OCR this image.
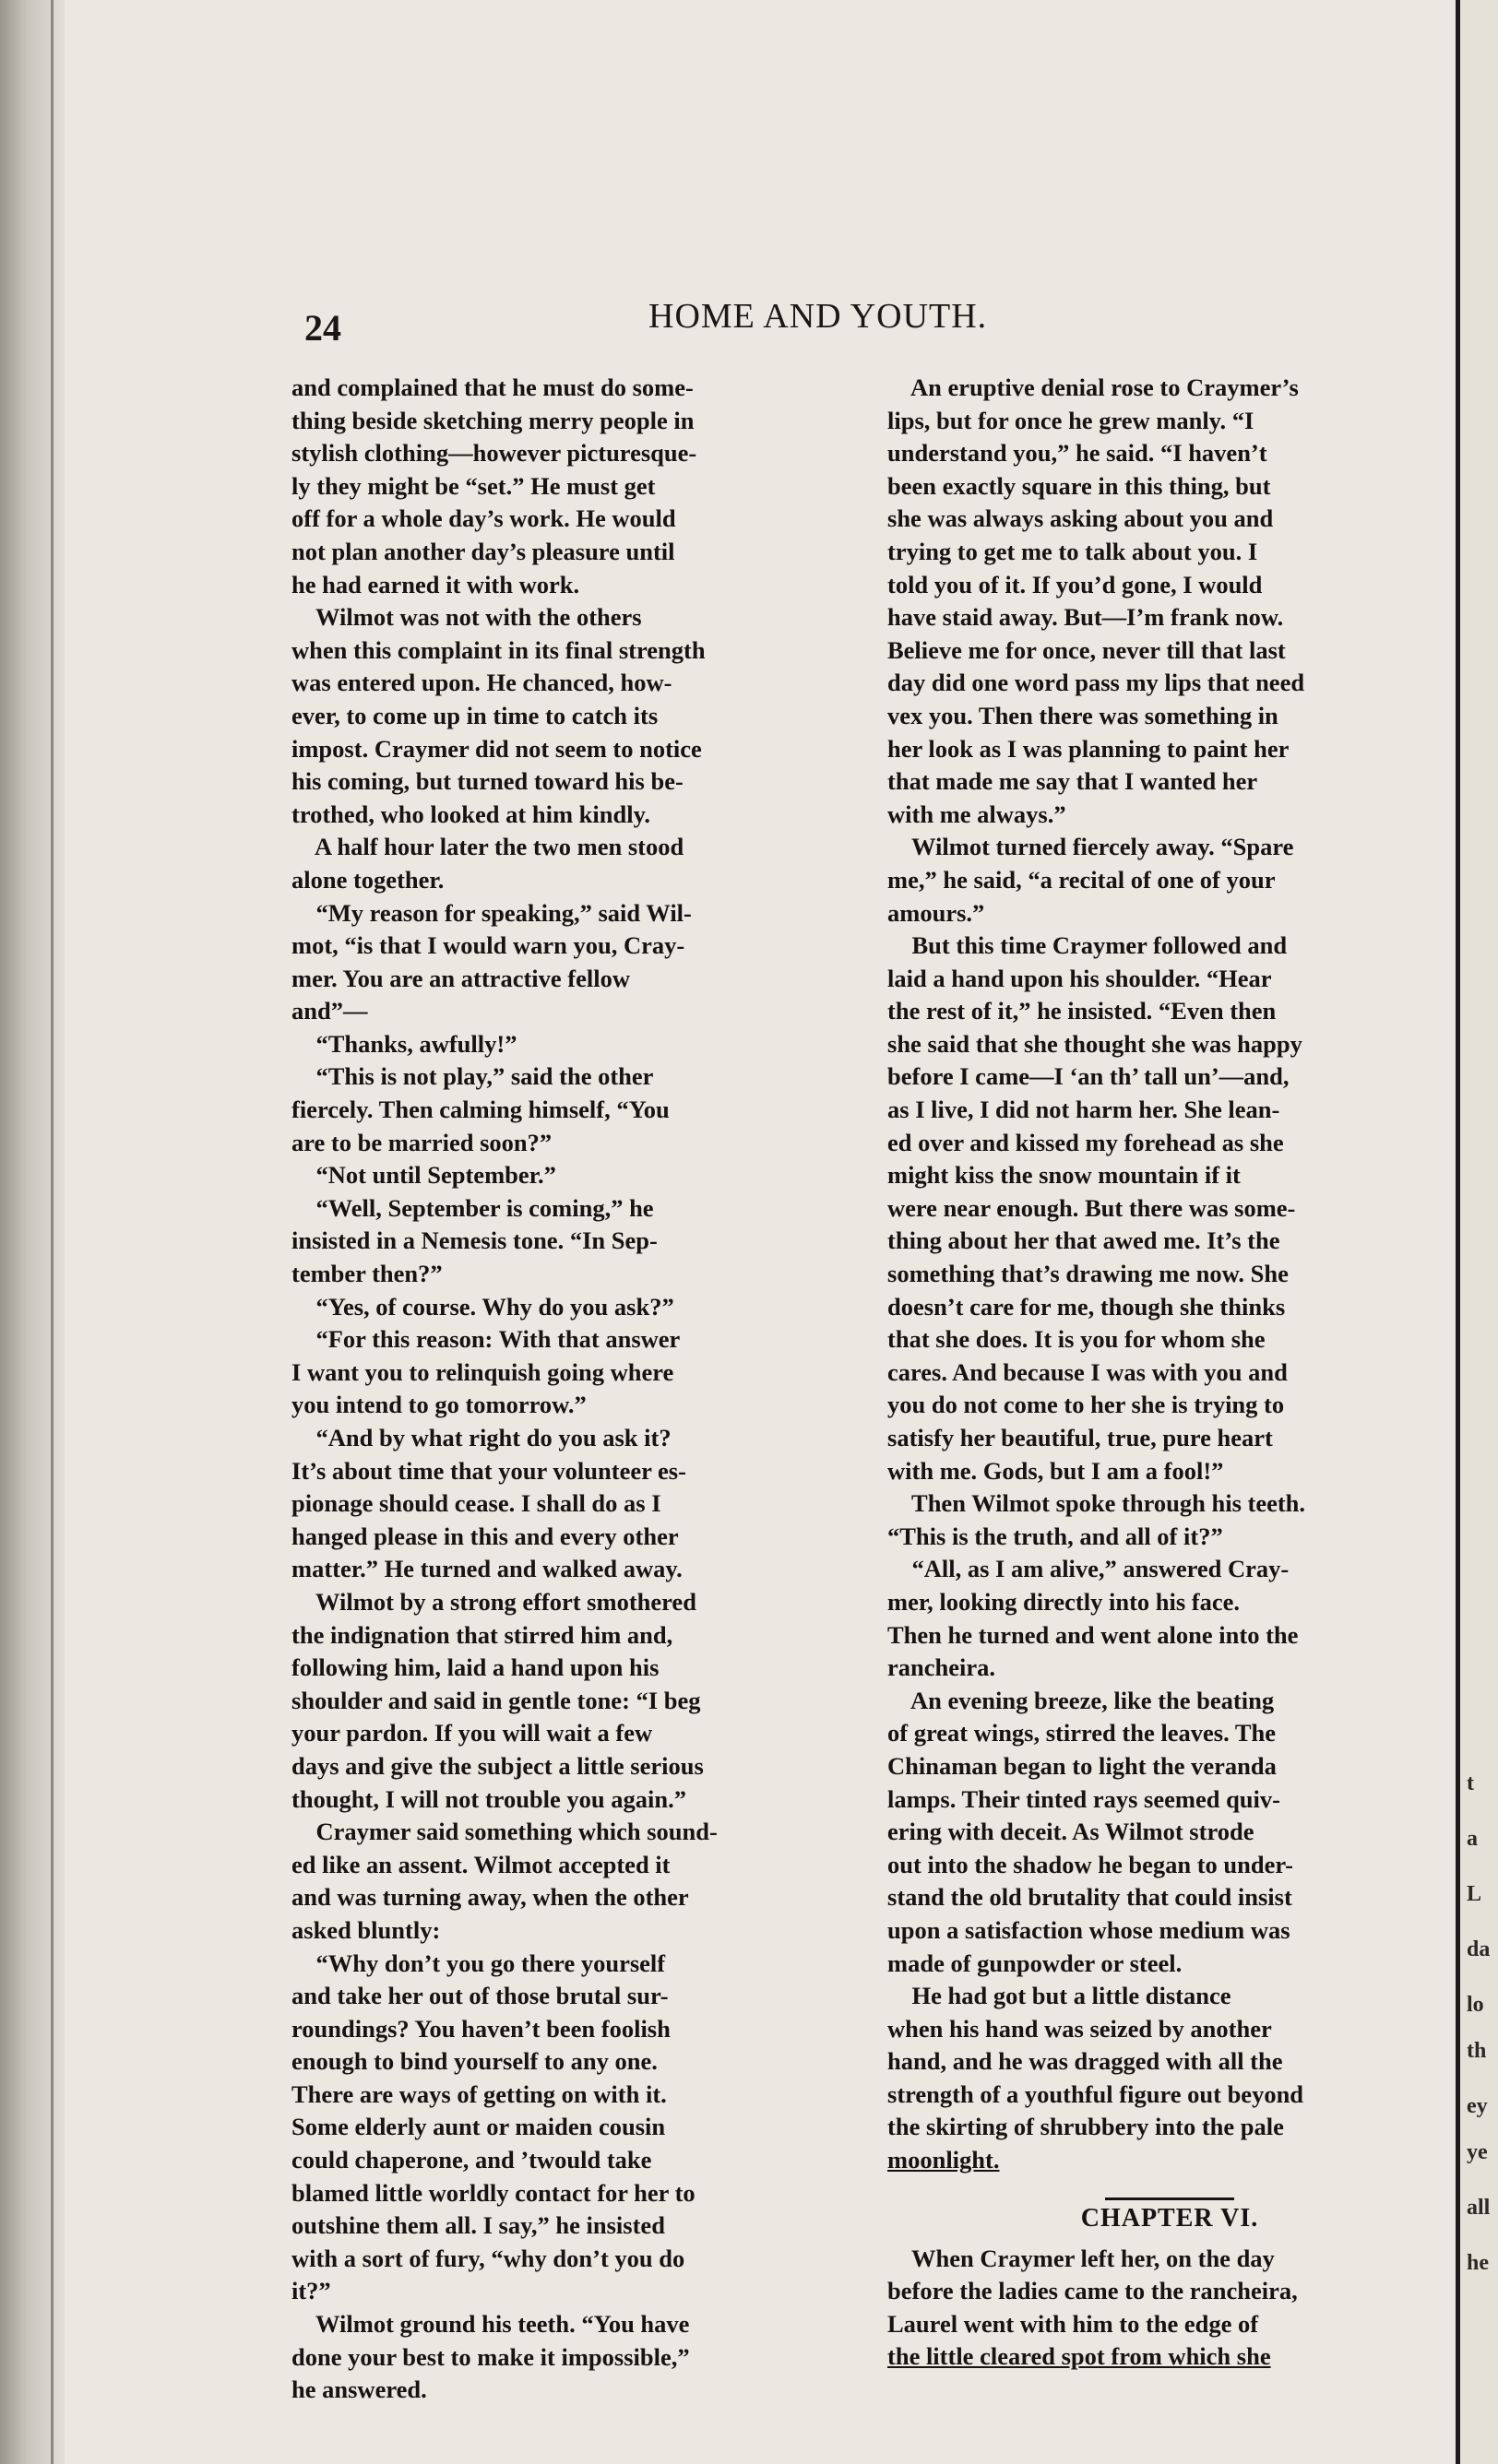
t
a
L
da
lo
th
ey
ye
all
he
24	HOME AND YOUTH.
and complained that he must do some-
thing beside sketching merry people in
stylish clothing—however picturesque-
ly they might be “set.” He must get
off for a whole day’s work. He would
not plan another day’s pleasure until
he had earned it with work.
Wilmot was not with the others
when this complaint in its final strength
was entered upon. He chanced, how-
ever, to come up in time to catch its
impost. Craymer did not seem to notice
his coming, but turned toward his be-
trothed, who looked at him kindly.
A half hour later the two men stood
alone together.
“My reason for speaking,” said Wil-
mot, “is that I would warn you, Cray-
mer. You are an attractive fellow
and”—
“Thanks, awfully!”
“This is not play,” said the other
fiercely. Then calming himself, “You
are to be married soon?”
“Not until September.”
“Well, September is coming,” he
insisted in a Nemesis tone. “In Sep-
tember then?”
“Yes, of course. Why do you ask?”
“For this reason: With that answer
I want you to relinquish going where
you intend to go tomorrow.”
“And by what right do you ask it?
It’s about time that your volunteer es-
pionage should cease. I shall do as I
hanged please in this and every other
matter.” He turned and walked away.
Wilmot by a strong effort smothered
the indignation that stirred him and,
following him, laid a hand upon his
shoulder and said in gentle tone: “I beg
your pardon. If you will wait a few
days and give the subject a little serious
thought, I will not trouble you again.”
Craymer said something which sound-
ed like an assent. Wilmot accepted it
and was turning away, when the other
asked bluntly:
“Why don’t you go there yourself
and take her out of those brutal sur-
roundings? You haven’t been foolish
enough to bind yourself to any one.
There are ways of getting on with it.
Some elderly aunt or maiden cousin
could chaperone, and ’twould take
blamed little worldly contact for her to
outshine them all. I say,” he insisted
with a sort of fury, “why don’t you do
it?”
Wilmot ground his teeth. “You have
done your best to make it impossible,”
he answered.
An eruptive denial rose to Craymer’s
lips, but for once he grew manly. “I
understand you,” he said. “I haven’t
been exactly square in this thing, but
she was always asking about you and
trying to get me to talk about you. I
told you of it. If you’d gone, I would
have staid away. But—I’m frank now.
Believe me for once, never till that last
day did one word pass my lips that need
vex you. Then there was something in
her look as I was planning to paint her
that made me say that I wanted her
with me always.”
Wilmot turned fiercely away. “Spare
me,” he said, “a recital of one of your
amours.”
But this time Craymer followed and
laid a hand upon his shoulder. “Hear
the rest of it,” he insisted. “Even then
she said that she thought she was happy
before I came—I ‘an th’ tall un’—and,
as I live, I did not harm her. She lean-
ed over and kissed my forehead as she
might kiss the snow mountain if it
were near enough. But there was some-
thing about her that awed me. It’s the
something that’s drawing me now. She
doesn’t care for me, though she thinks
that she does. It is you for whom she
cares. And because I was with you and
you do not come to her she is trying to
satisfy her beautiful, true, pure heart
with me. Gods, but I am a fool!”
Then Wilmot spoke through his teeth.
“This is the truth, and all of it?”
“All, as I am alive,” answered Cray-
mer, looking directly into his face.
Then he turned and went alone into the
rancheira.
An evening breeze, like the beating
of great wings, stirred the leaves. The
Chinaman began to light the veranda
lamps. Their tinted rays seemed quiv-
ering with deceit. As Wilmot strode
out into the shadow he began to under-
stand the old brutality that could insist
upon a satisfaction whose medium was
made of gunpowder or steel.
He had got but a little distance
when his hand was seized by another
hand, and he was dragged with all the
strength of a youthful figure out beyond
the skirting of shrubbery into the pale
moonlight.
CHAPTER VI.
When Craymer left her, on the day
before the ladies came to the rancheira,
Laurel went with him to the edge of
the little cleared spot from which she
